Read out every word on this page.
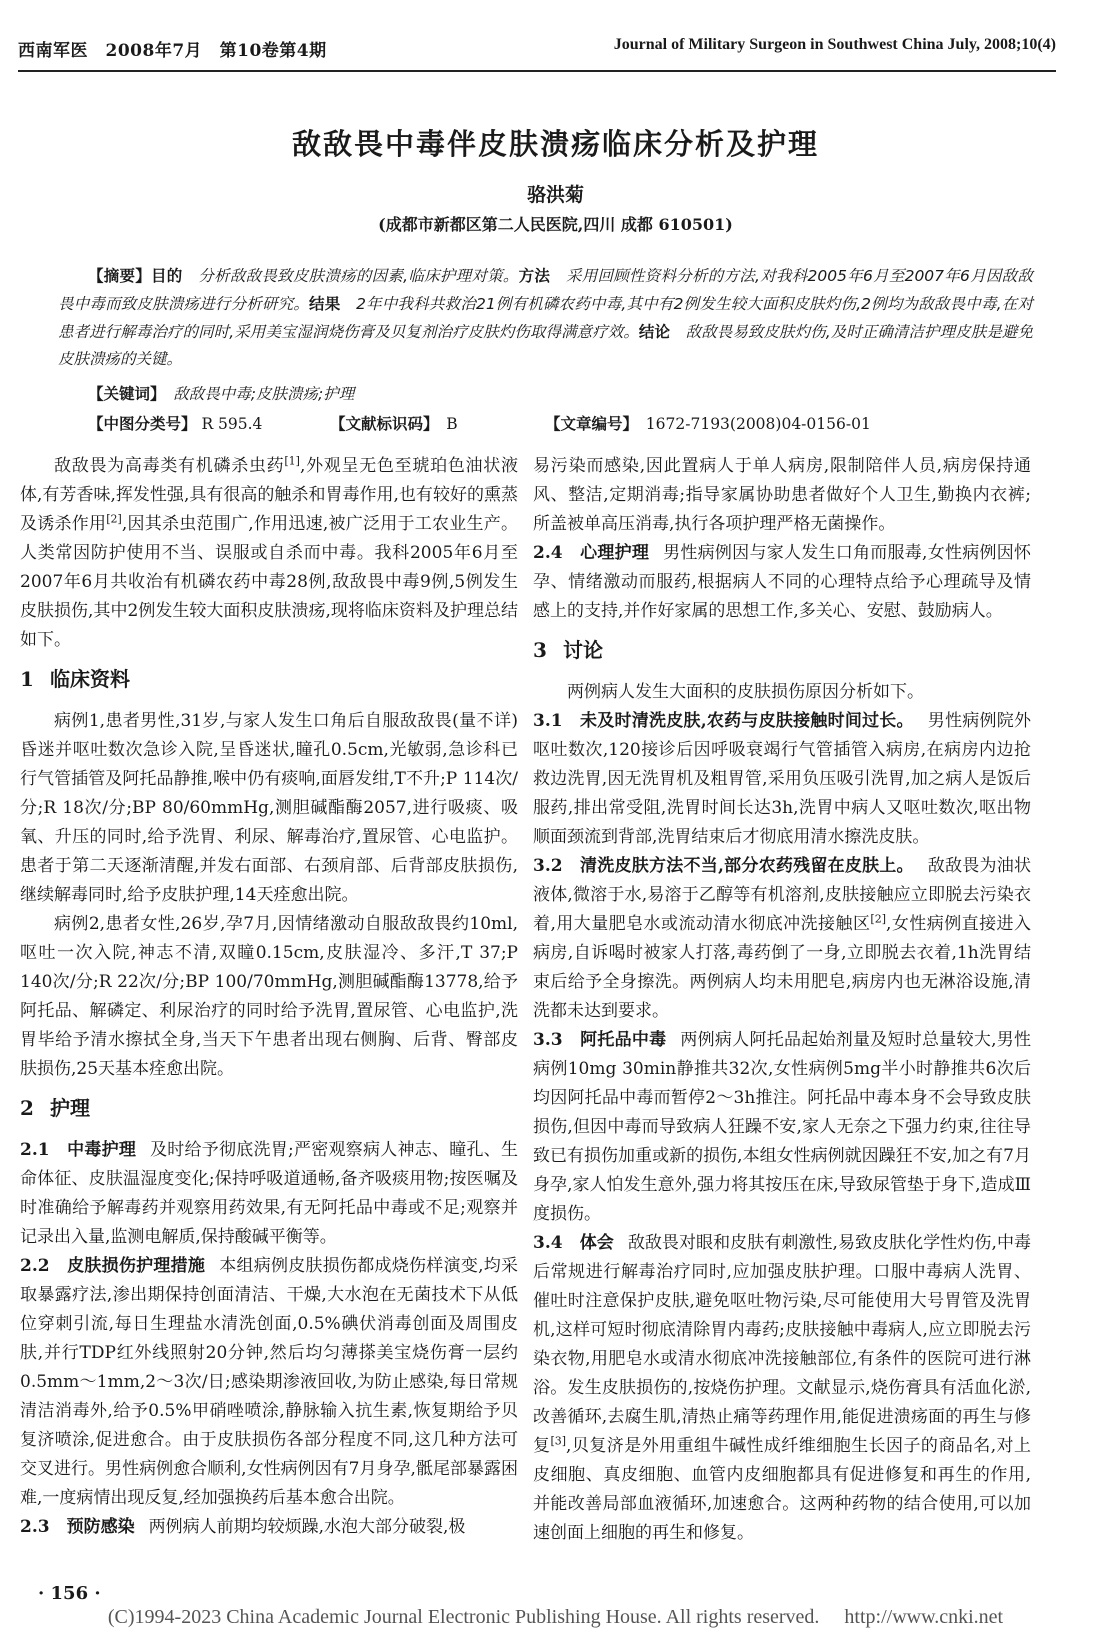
西南军医　2008年7月　第10卷第4期	Journal of Military Surgeon in Southwest China July, 2008;10(4)
敌敌畏中毒伴皮肤溃疡临床分析及护理
骆洪菊
(成都市新都区第二人民医院,四川 成都 610501)
【摘要】目的　 分析敌敌畏致皮肤溃疡的因素,临床护理对策。方法　 采用回顾性资料分析的方法,对我科2005年6月至2007年6月因敌敌畏中毒而致皮肤溃疡进行分析研究。结果　 2年中我科共救治21例有机磷农药中毒,其中有2例发生较大面积皮肤灼伤,2例均为敌敌畏中毒,在对患者进行解毒治疗的同时,采用美宝湿润烧伤膏及贝复剂治疗皮肤灼伤取得满意疗效。结论　 敌敌畏易致皮肤灼伤,及时正确清洁护理皮肤是避免皮肤溃疡的关键。
【关键词】　 敌敌畏中毒;皮肤溃疡;护理
【中图分类号】 R 595.4	【文献标识码】　 B	【文章编号】　 1672-7193(2008)04-0156-01

敌敌畏为高毒类有机磷杀虫药[1],外观呈无色至琥珀色油状液体,有芳香味,挥发性强,具有很高的触杀和胃毒作用,也有较好的熏蒸及诱杀作用[2],因其杀虫范围广,作用迅速,被广泛用于工农业生产。人类常因防护使用不当、误服或自杀而中毒。我科2005年6月至2007年6月共收治有机磷农药中毒28例,敌敌畏中毒9例,5例发生皮肤损伤,其中2例发生较大面积皮肤溃疡,现将临床资料及护理总结如下。

1 临床资料

病例1,患者男性,31岁,与家人发生口角后自服敌敌畏(量不详)昏迷并呕吐数次急诊入院,呈昏迷状,瞳孔0.5cm,光敏弱,急诊科已行气管插管及阿托品静推,喉中仍有痰响,面唇发绀,T不升;P 114次/分;R 18次/分;BP 80/60mmHg,测胆碱酯酶2057,进行吸痰、吸氧、升压的同时,给予洗胃、利尿、解毒治疗,置尿管、心电监护。患者于第二天逐渐清醒,并发右面部、右颈肩部、后背部皮肤损伤,继续解毒同时,给予皮肤护理,14天痊愈出院。

病例2,患者女性,26岁,孕7月,因情绪激动自服敌敌畏约10ml,呕吐一次入院,神志不清,双瞳0.15cm,皮肤湿冷、多汗,T 37;P 140次/分;R 22次/分;BP 100/70mmHg,测胆碱酯酶13778,给予阿托品、解磷定、利尿治疗的同时给予洗胃,置尿管、心电监护,洗胃毕给予清水擦拭全身,当天下午患者出现右侧胸、后背、臀部皮肤损伤,25天基本痊愈出院。

2 护理

2.1　中毒护理 及时给予彻底洗胃;严密观察病人神志、瞳孔、生命体征、皮肤温湿度变化;保持呼吸道通畅,备齐吸痰用物;按医嘱及时准确给予解毒药并观察用药效果,有无阿托品中毒或不足;观察并记录出入量,监测电解质,保持酸碱平衡等。

2.2　皮肤损伤护理措施 本组病例皮肤损伤都成烧伤样演变,均采取暴露疗法,渗出期保持创面清洁、干燥,大水泡在无菌技术下从低位穿刺引流,每日生理盐水清洗创面,0.5%碘伏消毒创面及周围皮肤,并行TDP红外线照射20分钟,然后均匀薄搽美宝烧伤膏一层约0.5mm～1mm,2～3次/日;感染期渗液回收,为防止感染,每日常规清洁消毒外,给予0.5%甲硝唑喷涂,静脉输入抗生素,恢复期给予贝复济喷涂,促进愈合。由于皮肤损伤各部分程度不同,这几种方法可交叉进行。男性病例愈合顺利,女性病例因有7月身孕,骶尾部暴露困难,一度病情出现反复,经加强换药后基本愈合出院。

2.3　预防感染 两例病人前期均较烦躁,水泡大部分破裂,极

易污染而感染,因此置病人于单人病房,限制陪伴人员,病房保持通风、整洁,定期消毒;指导家属协助患者做好个人卫生,勤换内衣裤;所盖被单高压消毒,执行各项护理严格无菌操作。

2.4　心理护理 男性病例因与家人发生口角而服毒,女性病例因怀孕、情绪激动而服药,根据病人不同的心理特点给予心理疏导及情感上的支持,并作好家属的思想工作,多关心、安慰、鼓励病人。

3 讨论

两例病人发生大面积的皮肤损伤原因分析如下。

3.1　未及时清洗皮肤,农药与皮肤接触时间过长。 男性病例院外呕吐数次,120接诊后因呼吸衰竭行气管插管入病房,在病房内边抢救边洗胃,因无洗胃机及粗胃管,采用负压吸引洗胃,加之病人是饭后服药,排出常受阻,洗胃时间长达3h,洗胃中病人又呕吐数次,呕出物顺面颈流到背部,洗胃结束后才彻底用清水擦洗皮肤。

3.2　清洗皮肤方法不当,部分农药残留在皮肤上。 敌敌畏为油状液体,微溶于水,易溶于乙醇等有机溶剂,皮肤接触应立即脱去污染衣着,用大量肥皂水或流动清水彻底冲洗接触区[2],女性病例直接进入病房,自诉喝时被家人打落,毒药倒了一身,立即脱去衣着,1h洗胃结束后给予全身擦洗。两例病人均未用肥皂,病房内也无淋浴设施,清洗都未达到要求。

3.3　阿托品中毒 两例病人阿托品起始剂量及短时总量较大,男性病例10mg 30min静推共32次,女性病例5mg半小时静推共6次后均因阿托品中毒而暂停2～3h推注。阿托品中毒本身不会导致皮肤损伤,但因中毒而导致病人狂躁不安,家人无奈之下强力约束,往往导致已有损伤加重或新的损伤,本组女性病例就因躁狂不安,加之有7月身孕,家人怕发生意外,强力将其按压在床,导致尿管垫于身下,造成Ⅲ度损伤。

3.4　体会 敌敌畏对眼和皮肤有刺激性,易致皮肤化学性灼伤,中毒后常规进行解毒治疗同时,应加强皮肤护理。口服中毒病人洗胃、催吐时注意保护皮肤,避免呕吐物污染,尽可能使用大号胃管及洗胃机,这样可短时彻底清除胃内毒药;皮肤接触中毒病人,应立即脱去污染衣物,用肥皂水或清水彻底冲洗接触部位,有条件的医院可进行淋浴。发生皮肤损伤的,按烧伤护理。文献显示,烧伤膏具有活血化淤,改善循环,去腐生肌,清热止痛等药理作用,能促进溃疡面的再生与修复[3],贝复济是外用重组牛碱性成纤维细胞生长因子的商品名,对上皮细胞、真皮细胞、血管内皮细胞都具有促进修复和再生的作用,并能改善局部血液循环,加速愈合。这两种药物的结合使用,可以加速创面上细胞的再生和修复。

· 156 ·
(C)1994-2023 China Academic Journal Electronic Publishing House. All rights reserved.　 http://www.cnki.net
